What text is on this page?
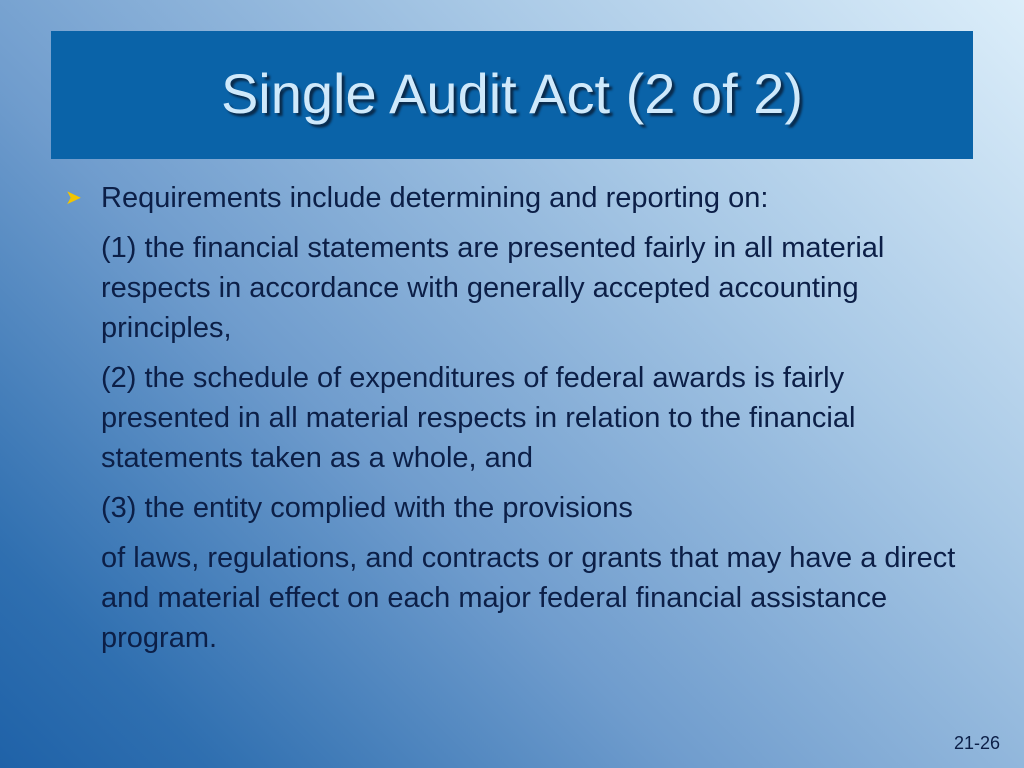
Single Audit Act (2 of 2)
➤ Requirements include determining and reporting on:
(1) the financial statements are presented fairly in all material respects in accordance with generally accepted accounting principles,
(2) the schedule of expenditures of federal awards is fairly presented in all material respects in relation to the financial statements taken as a whole, and
(3) the entity complied with the provisions
of laws, regulations, and contracts or grants that may have a direct and material effect on each major federal financial assistance program.
21-26
